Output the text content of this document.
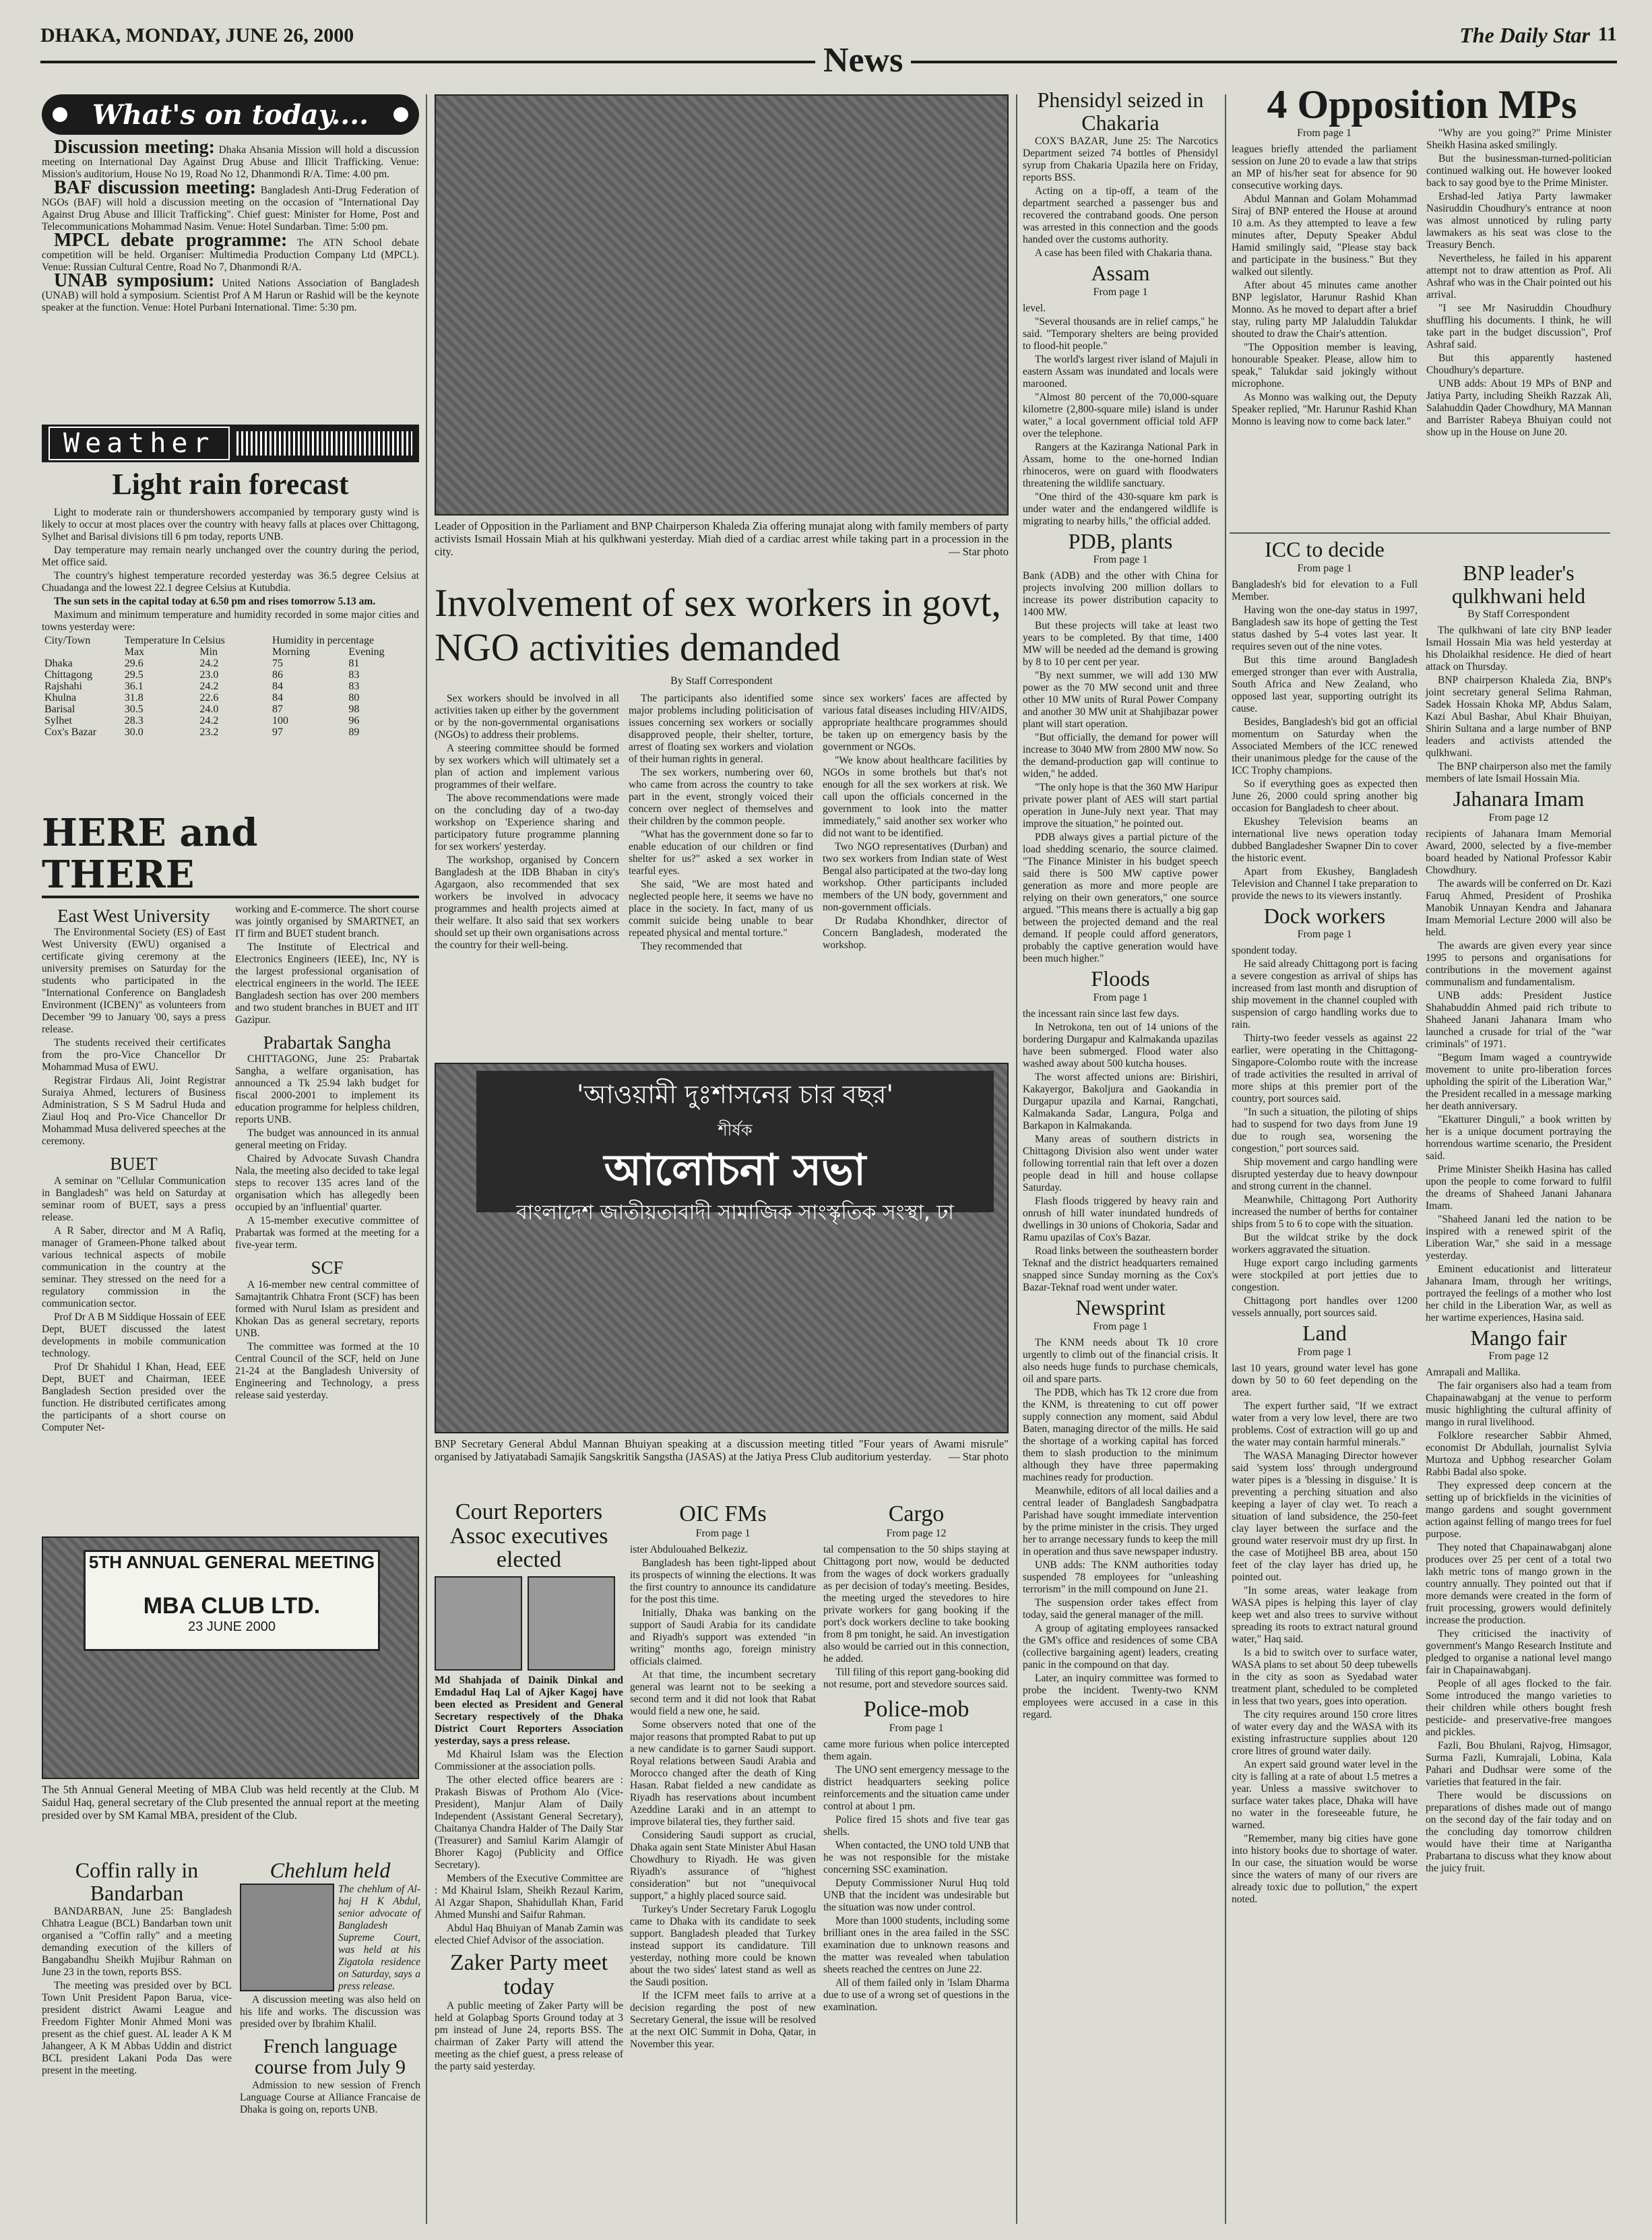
DHAKA, MONDAY, JUNE 26, 2000
News
The Daily Star 11
What's on today....

Discussion meeting: Dhaka Ahsania Mission will hold a discussion meeting on International Day Against Drug Abuse and Illicit Trafficking. Venue: Mission's auditorium, House No 19, Road No 12, Dhanmondi R/A. Time: 4.00 pm.

BAF discussion meeting: Bangladesh Anti-Drug Federation of NGOs (BAF) will hold a discussion meeting on the occasion of "International Day Against Drug Abuse and Illicit Trafficking". Chief guest: Minister for Home, Post and Telecommunications Mohammad Nasim. Venue: Hotel Sundarban. Time: 5:00 pm.

MPCL debate programme: The ATN School debate competition will be held. Organiser: Multimedia Production Company Ltd (MPCL). Venue: Russian Cultural Centre, Road No 7, Dhanmondi R/A.

UNAB symposium: United Nations Association of Bangladesh (UNAB) will hold a symposium. Scientist Prof A M Harun or Rashid will be the keynote speaker at the function. Venue: Hotel Purbani International. Time: 5:30 pm.

Weather
Light rain forecast

Light to moderate rain or thundershowers accompanied by temporary gusty wind is likely to occur at most places over the country with heavy falls at places over Chittagong, Sylhet and Barisal divisions till 6 pm today, reports UNB.

Day temperature may remain nearly unchanged over the country during the period, Met office said.

The country's highest temperature recorded yesterday was 36.5 degree Celsius at Chuadanga and the lowest 22.1 degree Celsius at Kutubdia.

The sun sets in the capital today at 6.50 pm and rises tomorrow 5.13 am.

Maximum and minimum temperature and humidity recorded in some major cities and towns yesterday were:

City/Town	Temperature In Celsius		Humidity in percentage	
	Max	Min	Morning	Evening
Dhaka	29.6	24.2	75	81
Chittagong	29.5	23.0	86	83
Rajshahi	36.1	24.2	84	83
Khulna	31.8	22.6	84	80
Barisal	30.5	24.0	87	98
Sylhet	28.3	24.2	100	96
Cox's Bazar	30.0	23.2	97	89
HERE and THERE
East West University

The Environmental Society (ES) of East West University (EWU) organised a certificate giving ceremony at the university premises on Saturday for the students who participated in the "International Conference on Bangladesh Environment (ICBEN)" as volunteers from December '99 to January '00, says a press release.

The students received their certificates from the pro-Vice Chancellor Dr Mohammad Musa of EWU.

Registrar Firdaus Ali, Joint Registrar Suraiya Ahmed, lecturers of Business Administration, S S M Sadrul Huda and Ziaul Hoq and Pro-Vice Chancellor Dr Mohammad Musa delivered speeches at the ceremony.

BUET

A seminar on "Cellular Communication in Bangladesh" was held on Saturday at seminar room of BUET, says a press release.

A R Saber, director and M A Rafiq, manager of Grameen-Phone talked about various technical aspects of mobile communication in the country at the seminar. They stressed on the need for a regulatory commission in the communication sector.

Prof Dr A B M Siddique Hossain of EEE Dept, BUET discussed the latest developments in mobile communication technology.

Prof Dr Shahidul I Khan, Head, EEE Dept, BUET and Chairman, IEEE Bangladesh Section presided over the function. He distributed certificates among the participants of a short course on Computer Net-

working and E-commerce. The short course was jointly organised by SMARTNET, an IT firm and BUET student branch.

The Institute of Electrical and Electronics Engineers (IEEE), Inc, NY is the largest professional organisation of electrical engineers in the world. The IEEE Bangladesh section has over 200 members and two student branches in BUET and IIT Gazipur.

Prabartak Sangha

CHITTAGONG, June 25: Prabartak Sangha, a welfare organisation, has announced a Tk 25.94 lakh budget for fiscal 2000-2001 to implement its education programme for helpless children, reports UNB.

The budget was announced in its annual general meeting on Friday.

Chaired by Advocate Suvash Chandra Nala, the meeting also decided to take legal steps to recover 135 acres land of the organisation which has allegedly been occupied by an 'influential' quarter.

A 15-member executive committee of Prabartak was formed at the meeting for a five-year term.

SCF

A 16-member new central committee of Samajtantrik Chhatra Front (SCF) has been formed with Nurul Islam as president and Khokan Das as general secretary, reports UNB.

The committee was formed at the 10 Central Council of the SCF, held on June 21-24 at the Bangladesh University of Engineering and Technology, a press release said yesterday.

5TH ANNUAL GENERAL MEETING
MBA CLUB LTD.
23 JUNE 2000
The 5th Annual General Meeting of MBA Club was held recently at the Club. M Saidul Haq, general secretary of the Club presented the annual report at the meeting presided over by SM Kamal MBA, president of the Club.
Coffin rally in Bandarban

BANDARBAN, June 25: Bangladesh Chhatra League (BCL) Bandarban town unit organised a "Coffin rally" and a meeting demanding execution of the killers of Bangabandhu Sheikh Mujibur Rahman on June 23 in the town, reports BSS.

The meeting was presided over by BCL Town Unit President Papon Barua, vice-president district Awami League and Freedom Fighter Monir Ahmed Moni was present as the chief guest. AL leader A K M Jahangeer, A K M Abbas Uddin and district BCL president Lakani Poda Das were present in the meeting.

Chehlum held

The chehlum of Al-haj H K Abdul, senior advocate of Bangladesh Supreme Court, was held at his Zigatola residence on Saturday, says a press release.

A discussion meeting was also held on his life and works. The discussion was presided over by Ibrahim Khalil.

French language course from July 9

Admission to new session of French Language Course at Alliance Francaise de Dhaka is going on, reports UNB.

Leader of Opposition in the Parliament and BNP Chairperson Khaleda Zia offering munajat along with family members of party activists Ismail Hossain Miah at his qulkhwani yesterday. Miah died of a cardiac arrest while taking part in a procession in the city.	— Star photo
Involvement of sex workers in govt, NGO activities demanded
By Staff Correspondent

Sex workers should be involved in all activities taken up either by the government or by the non-governmental organisations (NGOs) to address their problems.

A steering committee should be formed by sex workers which will ultimately set a plan of action and implement various programmes of their welfare.

The above recommendations were made on the concluding day of a two-day workshop on 'Experience sharing and participatory future programme planning for sex workers' yesterday.

The workshop, organised by Concern Bangladesh at the IDB Bhaban in city's Agargaon, also recommended that sex workers be involved in advocacy programmes and health projects aimed at their welfare. It also said that sex workers should set up their own organisations across the country for their well-being.

The participants also identified some major problems including politicisation of issues concerning sex workers or socially disapproved people, their shelter, torture, arrest of floating sex workers and violation of their human rights in general.

The sex workers, numbering over 60, who came from across the country to take part in the event, strongly voiced their concern over neglect of themselves and their children by the common people.

"What has the government done so far to enable education of our children or find shelter for us?" asked a sex worker in tearful eyes.

She said, "We are most hated and neglected people here, it seems we have no place in the society. In fact, many of us commit suicide being unable to bear repeated physical and mental torture."

They recommended that

since sex workers' faces are affected by various fatal diseases including HIV/AIDS, appropriate healthcare programmes should be taken up on emergency basis by the government or NGOs.

"We know about healthcare facilities by NGOs in some brothels but that's not enough for all the sex workers at risk. We call upon the officials concerned in the government to look into the matter immediately," said another sex worker who did not want to be identified.

Two NGO representatives (Durban) and two sex workers from Indian state of West Bengal also participated at the two-day long workshop. Other participants included members of the UN body, government and non-government officials.

Dr Rudaba Khondhker, director of Concern Bangladesh, moderated the workshop.

'আওয়ামী দুঃশাসনের চার বছর'
শীর্ষক
আলোচনা সভা
বাংলাদেশ জাতীয়তাবাদী সামাজিক সাংস্কৃতিক সংস্থা, ঢা
BNP Secretary General Abdul Mannan Bhuiyan speaking at a discussion meeting titled "Four years of Awami misrule" organised by Jatiyatabadi Samajik Sangskritik Sangstha (JASAS) at the Jatiya Press Club auditorium yesterday. — Star photo
Court Reporters Assoc executives elected

Md Shahjada of Dainik Dinkal and Emdadul Haq Lal of Ajker Kagoj have been elected as President and General Secretary respectively of the Dhaka District Court Reporters Association yesterday, says a press release.

Md Khairul Islam was the Election Commissioner at the association polls.

The other elected office bearers are : Prakash Biswas of Prothom Alo (Vice-President), Manjur Alam of Daily Independent (Assistant General Secretary), Chaitanya Chandra Halder of The Daily Star (Treasurer) and Samiul Karim Alamgir of Bhorer Kagoj (Publicity and Office Secretary).

Members of the Executive Committee are : Md Khairul Islam, Sheikh Rezaul Karim, Al Azgar Shapon, Shahidullah Khan, Farid Ahmed Munshi and Saifur Rahman.

Abdul Haq Bhuiyan of Manab Zamin was elected Chief Advisor of the association.

Zaker Party meet today

A public meeting of Zaker Party will be held at Golapbag Sports Ground today at 3 pm instead of June 24, reports BSS. The chairman of Zaker Party will attend the meeting as the chief guest, a press release of the party said yesterday.

OIC FMs
From page 1

ister Abdulouahed Belkeziz.

Bangladesh has been tight-lipped about its prospects of winning the elections. It was the first country to announce its candidature for the post this time.

Initially, Dhaka was banking on the support of Saudi Arabia for its candidate and Riyadh's support was extended "in writing" months ago, foreign ministry officials claimed.

At that time, the incumbent secretary general was learnt not to be seeking a second term and it did not look that Rabat would field a new one, he said.

Some observers noted that one of the major reasons that prompted Rabat to put up a new candidate is to garner Saudi support. Royal relations between Saudi Arabia and Morocco changed after the death of King Hasan. Rabat fielded a new candidate as Riyadh has reservations about incumbent Azeddine Laraki and in an attempt to improve bilateral ties, they further said.

Considering Saudi support as crucial, Dhaka again sent State Minister Abul Hasan Chowdhury to Riyadh. He was given Riyadh's assurance of "highest consideration" but not "unequivocal support," a highly placed source said.

Turkey's Under Secretary Faruk Logoglu came to Dhaka with its candidate to seek support. Bangladesh pleaded that Turkey instead support its candidature. Till yesterday, nothing more could be known about the two sides' latest stand as well as the Saudi position.

If the ICFM meet fails to arrive at a decision regarding the post of new Secretary General, the issue will be resolved at the next OIC Summit in Doha, Qatar, in November this year.

Cargo
From page 12

tal compensation to the 50 ships staying at Chittagong port now, would be deducted from the wages of dock workers gradually as per decision of today's meeting. Besides, the meeting urged the stevedores to hire private workers for gang booking if the port's dock workers decline to take booking from 8 pm tonight, he said. An investigation also would be carried out in this connection, he added.

Till filing of this report gang-booking did not resume, port and stevedore sources said.

Police-mob
From page 1

came more furious when police intercepted them again.

The UNO sent emergency message to the district headquarters seeking police reinforcements and the situation came under control at about 1 pm.

Police fired 15 shots and five tear gas shells.

When contacted, the UNO told UNB that he was not responsible for the mistake concerning SSC examination.

Deputy Commissioner Nurul Huq told UNB that the incident was undesirable but the situation was now under control.

More than 1000 students, including some brilliant ones in the area failed in the SSC examination due to unknown reasons and the matter was revealed when tabulation sheets reached the centres on June 22.

All of them failed only in 'Islam Dharma due to use of a wrong set of questions in the examination.

Phensidyl seized in Chakaria

COX'S BAZAR, June 25: The Narcotics Department seized 74 bottles of Phensidyl syrup from Chakaria Upazila here on Friday, reports BSS.

Acting on a tip-off, a team of the department searched a passenger bus and recovered the contraband goods. One person was arrested in this connection and the goods handed over the customs authority.

A case has been filed with Chakaria thana.

Assam
From page 1

level.

"Several thousands are in relief camps," he said. "Temporary shelters are being provided to flood-hit people."

The world's largest river island of Majuli in eastern Assam was inundated and locals were marooned.

"Almost 80 percent of the 70,000-square kilometre (2,800-square mile) island is under water," a local government official told AFP over the telephone.

Rangers at the Kaziranga National Park in Assam, home to the one-horned Indian rhinoceros, were on guard with floodwaters threatening the wildlife sanctuary.

"One third of the 430-square km park is under water and the endangered wildlife is migrating to nearby hills," the official added.

PDB, plants
From page 1

Bank (ADB) and the other with China for projects involving 200 million dollars to increase its power distribution capacity to 1400 MW.

But these projects will take at least two years to be completed. By that time, 1400 MW will be needed ad the demand is growing by 8 to 10 per cent per year.

"By next summer, we will add 130 MW power as the 70 MW second unit and three other 10 MW units of Rural Power Company and another 30 MW unit at Shahjibazar power plant will start operation.

"But officially, the demand for power will increase to 3040 MW from 2800 MW now. So the demand-production gap will continue to widen," he added.

"The only hope is that the 360 MW Haripur private power plant of AES will start partial operation in June-July next year. That may improve the situation," he pointed out.

PDB always gives a partial picture of the load shedding scenario, the source claimed. "The Finance Minister in his budget speech said there is 500 MW captive power generation as more and more people are relying on their own generators," one source argued. "This means there is actually a big gap between the projected demand and the real demand. If people could afford generators, probably the captive generation would have been much higher."

Floods
From page 1

the incessant rain since last few days.

In Netrokona, ten out of 14 unions of the bordering Durgapur and Kalmakanda upazilas have been submerged. Flood water also washed away about 500 kutcha houses.

The worst affected unions are: Birishiri, Kakayergor, Bakoljura and Gaokandia in Durgapur upazila and Karnai, Rangchati, Kalmakanda Sadar, Langura, Polga and Barkapon in Kalmakanda.

Many areas of southern districts in Chittagong Division also went under water following torrential rain that left over a dozen people dead in hill and house collapse Saturday.

Flash floods triggered by heavy rain and onrush of hill water inundated hundreds of dwellings in 30 unions of Chokoria, Sadar and Ramu upazilas of Cox's Bazar.

Road links between the southeastern border Teknaf and the district headquarters remained snapped since Sunday morning as the Cox's Bazar-Teknaf road went under water.

Newsprint
From page 1

The KNM needs about Tk 10 crore urgently to climb out of the financial crisis. It also needs huge funds to purchase chemicals, oil and spare parts.

The PDB, which has Tk 12 crore due from the KNM, is threatening to cut off power supply connection any moment, said Abdul Baten, managing director of the mills. He said the shortage of a working capital has forced them to slash production to the minimum although they have three papermaking machines ready for production.

Meanwhile, editors of all local dailies and a central leader of Bangladesh Sangbadpatra Parishad have sought immediate intervention by the prime minister in the crisis. They urged her to arrange necessary funds to keep the mill in operation and thus save newspaper industry.

UNB adds: The KNM authorities today suspended 78 employees for "unleashing terrorism" in the mill compound on June 21.

The suspension order takes effect from today, said the general manager of the mill.

A group of agitating employees ransacked the GM's office and residences of some CBA (collective bargaining agent) leaders, creating panic in the compound on that day.

Later, an inquiry committee was formed to probe the incident. Twenty-two KNM employees were accused in a case in this regard.

4 Opposition MPs
From page 1

leagues briefly attended the parliament session on June 20 to evade a law that strips an MP of his/her seat for absence for 90 consecutive working days.

Abdul Mannan and Golam Mohammad Siraj of BNP entered the House at around 10 a.m. As they attempted to leave a few minutes after, Deputy Speaker Abdul Hamid smilingly said, "Please stay back and participate in the business." But they walked out silently.

After about 45 minutes came another BNP legislator, Harunur Rashid Khan Monno. As he moved to depart after a brief stay, ruling party MP Jalaluddin Talukdar shouted to draw the Chair's attention.

"The Opposition member is leaving, honourable Speaker. Please, allow him to speak," Talukdar said jokingly without microphone.

As Monno was walking out, the Deputy Speaker replied, "Mr. Harunur Rashid Khan Monno is leaving now to come back later."

"Why are you going?" Prime Minister Sheikh Hasina asked smilingly.

But the businessman-turned-politician continued walking out. He however looked back to say good bye to the Prime Minister.

Ershad-led Jatiya Party lawmaker Nasiruddin Choudhury's entrance at noon was almost unnoticed by ruling party lawmakers as his seat was close to the Treasury Bench.

Nevertheless, he failed in his apparent attempt not to draw attention as Prof. Ali Ashraf who was in the Chair pointed out his arrival.

"I see Mr Nasiruddin Choudhury shuffling his documents. I think, he will take part in the budget discussion", Prof Ashraf said.

But this apparently hastened Choudhury's departure.

UNB adds: About 19 MPs of BNP and Jatiya Party, including Sheikh Razzak Ali, Salahuddin Qader Chowdhury, MA Mannan and Barrister Rabeya Bhuiyan could not show up in the House on June 20.

ICC to decide
From page 1

Bangladesh's bid for elevation to a Full Member.

Having won the one-day status in 1997, Bangladesh saw its hope of getting the Test status dashed by 5-4 votes last year. It requires seven out of the nine votes.

But this time around Bangladesh emerged stronger than ever with Australia, South Africa and New Zealand, who opposed last year, supporting outright its cause.

Besides, Bangladesh's bid got an official momentum on Saturday when the Associated Members of the ICC renewed their unanimous pledge for the cause of the ICC Trophy champions.

So if everything goes as expected then June 26, 2000 could spring another big occasion for Bangladesh to cheer about.

Ekushey Television beams an international live news operation today dubbed Bangladesher Swapner Din to cover the historic event.

Apart from Ekushey, Bangladesh Television and Channel I take preparation to provide the news to its viewers instantly.

Dock workers
From page 1

spondent today.

He said already Chittagong port is facing a severe congestion as arrival of ships has increased from last month and disruption of ship movement in the channel coupled with suspension of cargo handling works due to rain.

Thirty-two feeder vessels as against 22 earlier, were operating in the Chittagong-Singapore-Colombo route with the increase of trade activities the resulted in arrival of more ships at this premier port of the country, port sources said.

"In such a situation, the piloting of ships had to suspend for two days from June 19 due to rough sea, worsening the congestion," port sources said.

Ship movement and cargo handling were disrupted yesterday due to heavy downpour and strong current in the channel.

Meanwhile, Chittagong Port Authority increased the number of berths for container ships from 5 to 6 to cope with the situation.

But the wildcat strike by the dock workers aggravated the situation.

Huge export cargo including garments were stockpiled at port jetties due to congestion.

Chittagong port handles over 1200 vessels annually, port sources said.

Land
From page 1

last 10 years, ground water level has gone down by 50 to 60 feet depending on the area.

The expert further said, "If we extract water from a very low level, there are two problems. Cost of extraction will go up and the water may contain harmful minerals."

The WASA Managing Director however said 'system loss' through underground water pipes is a 'blessing in disguise.' It is preventing a perching situation and also keeping a layer of clay wet. To reach a situation of land subsidence, the 250-feet clay layer between the surface and the ground water reservoir must dry up first. In the case of Motijheel BB area, about 150 feet of the clay layer has dried up, he pointed out.

"In some areas, water leakage from WASA pipes is helping this layer of clay keep wet and also trees to survive without spreading its roots to extract natural ground water," Haq said.

Is a bid to switch over to surface water, WASA plans to set about 50 deep tubewells in the city as soon as Syedabad water treatment plant, scheduled to be completed in less that two years, goes into operation.

The city requires around 150 crore litres of water every day and the WASA with its existing infrastructure supplies about 120 crore litres of ground water daily.

An expert said ground water level in the city is falling at a rate of about 1.5 metres a year. Unless a massive switchover to surface water takes place, Dhaka will have no water in the foreseeable future, he warned.

"Remember, many big cities have gone into history books due to shortage of water. In our case, the situation would be worse since the waters of many of our rivers are already toxic due to pollution," the expert noted.

BNP leader's qulkhwani held
By Staff Correspondent

The qulkhwani of late city BNP leader Ismail Hossain Mia was held yesterday at his Dholaikhal residence. He died of heart attack on Thursday.

BNP chairperson Khaleda Zia, BNP's joint secretary general Selima Rahman, Sadek Hossain Khoka MP, Abdus Salam, Kazi Abul Bashar, Abul Khair Bhuiyan, Shirin Sultana and a large number of BNP leaders and activists attended the qulkhwani.

The BNP chairperson also met the family members of late Ismail Hossain Mia.

Jahanara Imam
From page 12

recipients of Jahanara Imam Memorial Award, 2000, selected by a five-member board headed by National Professor Kabir Chowdhury.

The awards will be conferred on Dr. Kazi Faruq Ahmed, President of Proshika Manobik Unnayan Kendra and Jahanara Imam Memorial Lecture 2000 will also be held.

The awards are given every year since 1995 to persons and organisations for contributions in the movement against communalism and fundamentalism.

UNB adds: President Justice Shahabuddin Ahmed paid rich tribute to Shaheed Janani Jahanara Imam who launched a crusade for trial of the "war criminals" of 1971.

"Begum Imam waged a countrywide movement to unite pro-liberation forces upholding the spirit of the Liberation War," the President recalled in a message marking her death anniversary.

"Ekatturer Dinguli," a book written by her is a unique document portraying the horrendous wartime scenario, the President said.

Prime Minister Sheikh Hasina has called upon the people to come forward to fulfil the dreams of Shaheed Janani Jahanara Imam.

"Shaheed Janani led the nation to be inspired with a renewed spirit of the Liberation War," she said in a message yesterday.

Eminent educationist and litterateur Jahanara Imam, through her writings, portrayed the feelings of a mother who lost her child in the Liberation War, as well as her wartime experiences, Hasina said.

Mango fair
From page 12

Amrapali and Mallika.

The fair organisers also had a team from Chapainawabganj at the venue to perform music highlighting the cultural affinity of mango in rural livelihood.

Folklore researcher Sabbir Ahmed, economist Dr Abdullah, journalist Sylvia Murtoza and Upbhog researcher Golam Rabbi Badal also spoke.

They expressed deep concern at the setting up of brickfields in the vicinities of mango gardens and sought government action against felling of mango trees for fuel purpose.

They noted that Chapainawabganj alone produces over 25 per cent of a total two lakh metric tons of mango grown in the country annually. They pointed out that if more demands were created in the form of fruit processing, growers would definitely increase the production.

They criticised the inactivity of government's Mango Research Institute and pledged to organise a national level mango fair in Chapainawabganj.

People of all ages flocked to the fair. Some introduced the mango varieties to their children while others bought fresh pesticide- and preservative-free mangoes and pickles.

Fazli, Bou Bhulani, Rajvog, Himsagor, Surma Fazli, Kumrajali, Lobina, Kala Pahari and Dudhsar were some of the varieties that featured in the fair.

There would be discussions on preparations of dishes made out of mango on the second day of the fair today and on the concluding day tomorrow children would have their time at Narigantha Prabartana to discuss what they know about the juicy fruit.
